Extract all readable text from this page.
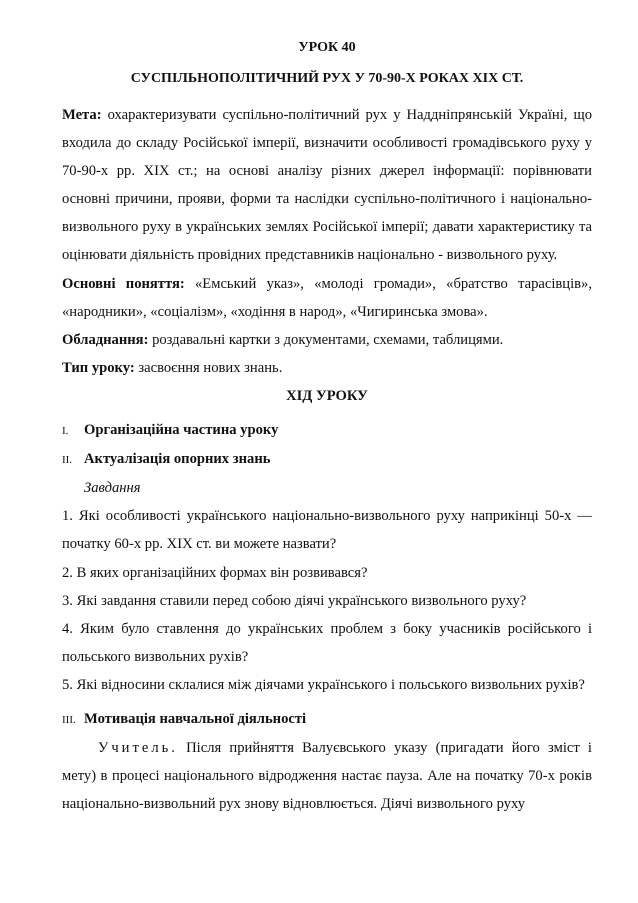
УРОК 40
СУСПІЛЬНОПОЛІТИЧНИЙ РУХ У 70-90-Х РОКАХ XIX СТ.
Мета: охарактеризувати суспільно-політичний рух у Наддніпрянській Україні, що входила до складу Російської імперії, визначити особливості громадівського руху у 70-90-х рр. ХІХ ст.; на основі аналізу різних джерел інформації: порівнювати основні причини, прояви, форми та наслідки суспільно-політичного і національно-визвольного руху в українських землях Російської імперії; давати характеристику та оцінювати діяльність провідних представників національно - визвольного руху.
Основні поняття: «Емський указ», «молоді громади», «братство тарасівців», «народники», «соціалізм», «ходіння в народ», «Чигиринська змова».
Обладнання: роздавальні картки з документами, схемами, таблицями.
Тип уроку: засвоєння нових знань.
ХІД УРОКУ
I.	Організаційна частина уроку
II. Актуалізація опорних знань
Завдання
1. Які особливості українського національно-визвольного руху наприкінці 50-х — початку 60-х рр. XIX ст. ви можете назвати?
2. В яких організаційних формах він розвивався?
3. Які завдання ставили перед собою діячі українського визвольного руху?
4. Яким було ставлення до українських проблем з боку учасників російського і польського визвольних рухів?
5. Які відносини склалися між діячами українського і польського визвольних рухів?
III. Мотивація навчальної діяльності
Учитель. Після прийняття Валуєвського указу (пригадати його зміст і мету) в процесі національного відродження настає пауза. Але на початку 70-х років національно-визвольний рух знову відновлюється. Діячі визвольного руху
